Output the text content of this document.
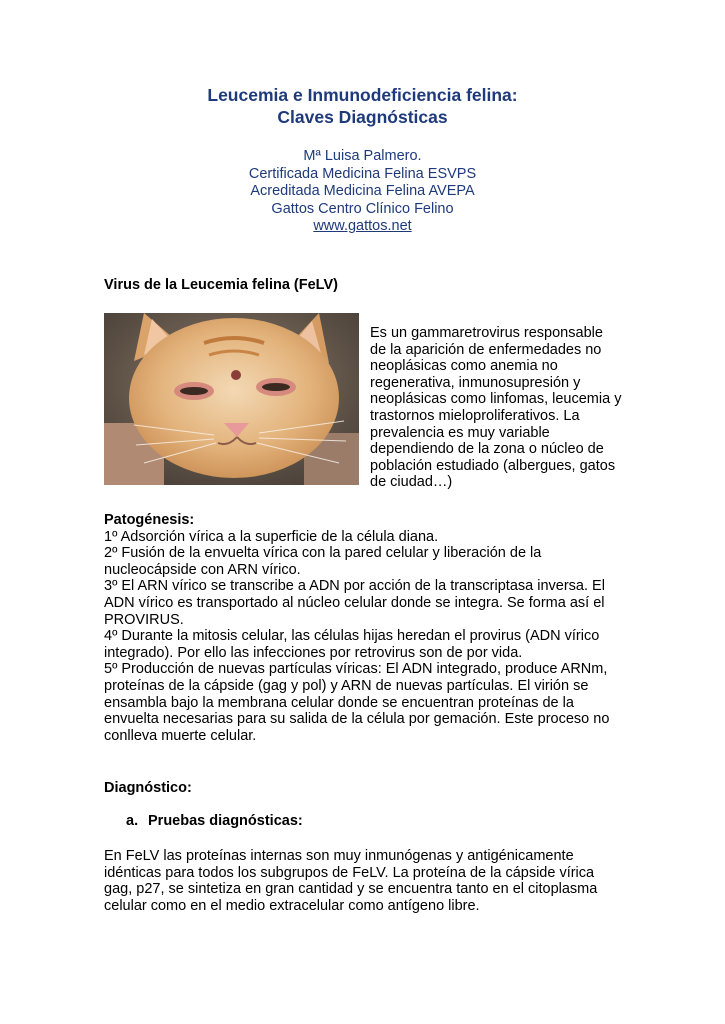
Leucemia e Inmunodeficiencia felina:
Claves Diagnósticas

Mª Luisa Palmero.
Certificada Medicina Felina ESVPS
Acreditada Medicina Felina AVEPA
Gattos Centro Clínico Felino
www.gattos.net
Virus de la Leucemia felina (FeLV)

Es un gammaretrovirus responsable de la aparición de enfermedades no neoplásicas como anemia no regenerativa, inmunosupresión y neoplásicas como linfomas, leucemia y trastornos mieloproliferativos. La prevalencia es muy variable dependiendo de la zona o núcleo de población estudiado (albergues, gatos de ciudad…)

Patogénesis:

1º Adsorción vírica a la superficie de la célula diana.

2º Fusión de la envuelta vírica con la pared celular y liberación de la nucleocápside con ARN vírico.

3º El ARN vírico se transcribe a ADN por acción de la transcriptasa inversa. El ADN vírico es transportado al núcleo celular donde se integra. Se forma así el PROVIRUS.

4º Durante la mitosis celular, las células hijas heredan el provirus (ADN vírico integrado). Por ello las infecciones por retrovirus son de por vida.

5º Producción de nuevas partículas víricas: El ADN integrado, produce ARNm, proteínas de la cápside (gag y pol) y ARN de nuevas partículas. El virión se ensambla bajo la membrana celular donde se encuentran proteínas de la envuelta necesarias para su salida de la célula por gemación. Este proceso no conlleva muerte celular.

Diagnóstico:
a. Pruebas diagnósticas:

En FeLV las proteínas internas son muy inmunógenas y antigénicamente idénticas para todos los subgrupos de FeLV. La proteína de la cápside vírica gag, p27, se sintetiza en gran cantidad y se encuentra tanto en el citoplasma celular como en el medio extracelular como antígeno libre.
